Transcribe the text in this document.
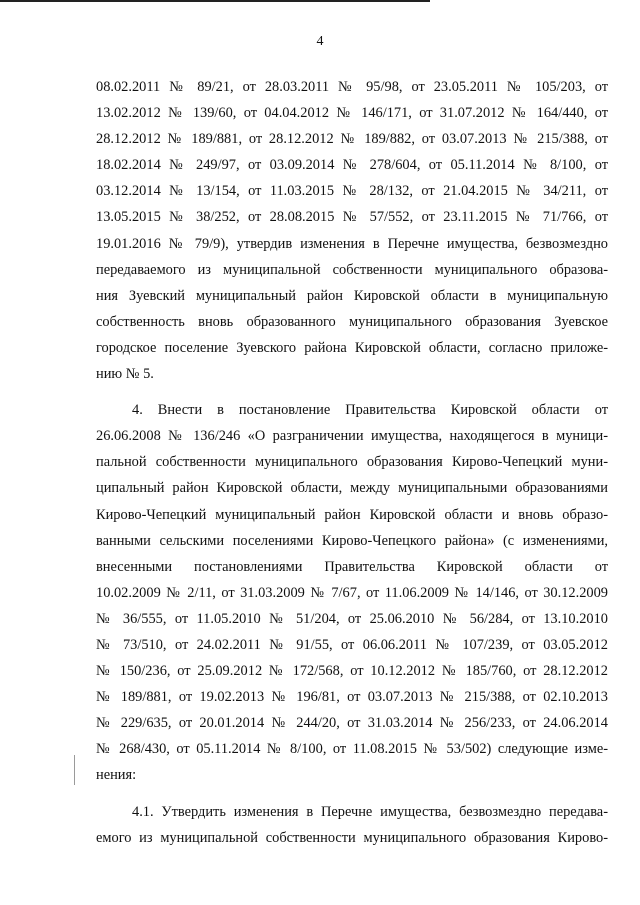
4
08.02.2011 № 89/21, от 28.03.2011 № 95/98, от 23.05.2011 № 105/203, от
13.02.2012 № 139/60, от 04.04.2012 № 146/171, от 31.07.2012 № 164/440, от
28.12.2012 № 189/881, от 28.12.2012 № 189/882, от 03.07.2013 № 215/388, от
18.02.2014 № 249/97, от 03.09.2014 № 278/604, от 05.11.2014 № 8/100, от
03.12.2014 № 13/154, от 11.03.2015 № 28/132, от 21.04.2015 № 34/211, от
13.05.2015 № 38/252, от 28.08.2015 № 57/552, от 23.11.2015 № 71/766, от
19.01.2016 № 79/9), утвердив изменения в Перечне имущества, безвозмездно
передаваемого из муниципальной собственности муниципального образова-
ния Зуевский муниципальный район Кировской области в муниципальную
собственность вновь образованного муниципального образования Зуевское
городское поселение Зуевского района Кировской области, согласно приложе-
нию № 5.
4. Внести в постановление Правительства Кировской области от
26.06.2008 № 136/246 «О разграничении имущества, находящегося в муници-
пальной собственности муниципального образования Кирово-Чепецкий муни-
ципальный район Кировской области, между муниципальными образованиями
Кирово-Чепецкий муниципальный район Кировской области и вновь образо-
ванными сельскими поселениями Кирово-Чепецкого района» (с изменениями,
внесенными постановлениями Правительства Кировской области от
10.02.2009 № 2/11, от 31.03.2009 № 7/67, от 11.06.2009 № 14/146, от 30.12.2009
№ 36/555, от 11.05.2010 № 51/204, от 25.06.2010 № 56/284, от 13.10.2010
№ 73/510, от 24.02.2011 № 91/55, от 06.06.2011 № 107/239, от 03.05.2012
№ 150/236, от 25.09.2012 № 172/568, от 10.12.2012 № 185/760, от 28.12.2012
№ 189/881, от 19.02.2013 № 196/81, от 03.07.2013 № 215/388, от 02.10.2013
№ 229/635, от 20.01.2014 № 244/20, от 31.03.2014 № 256/233, от 24.06.2014
№ 268/430, от 05.11.2014 № 8/100, от 11.08.2015 № 53/502) следующие изме-
нения:
4.1. Утвердить изменения в Перечне имущества, безвозмездно передава-
емого из муниципальной собственности муниципального образования Кирово-
